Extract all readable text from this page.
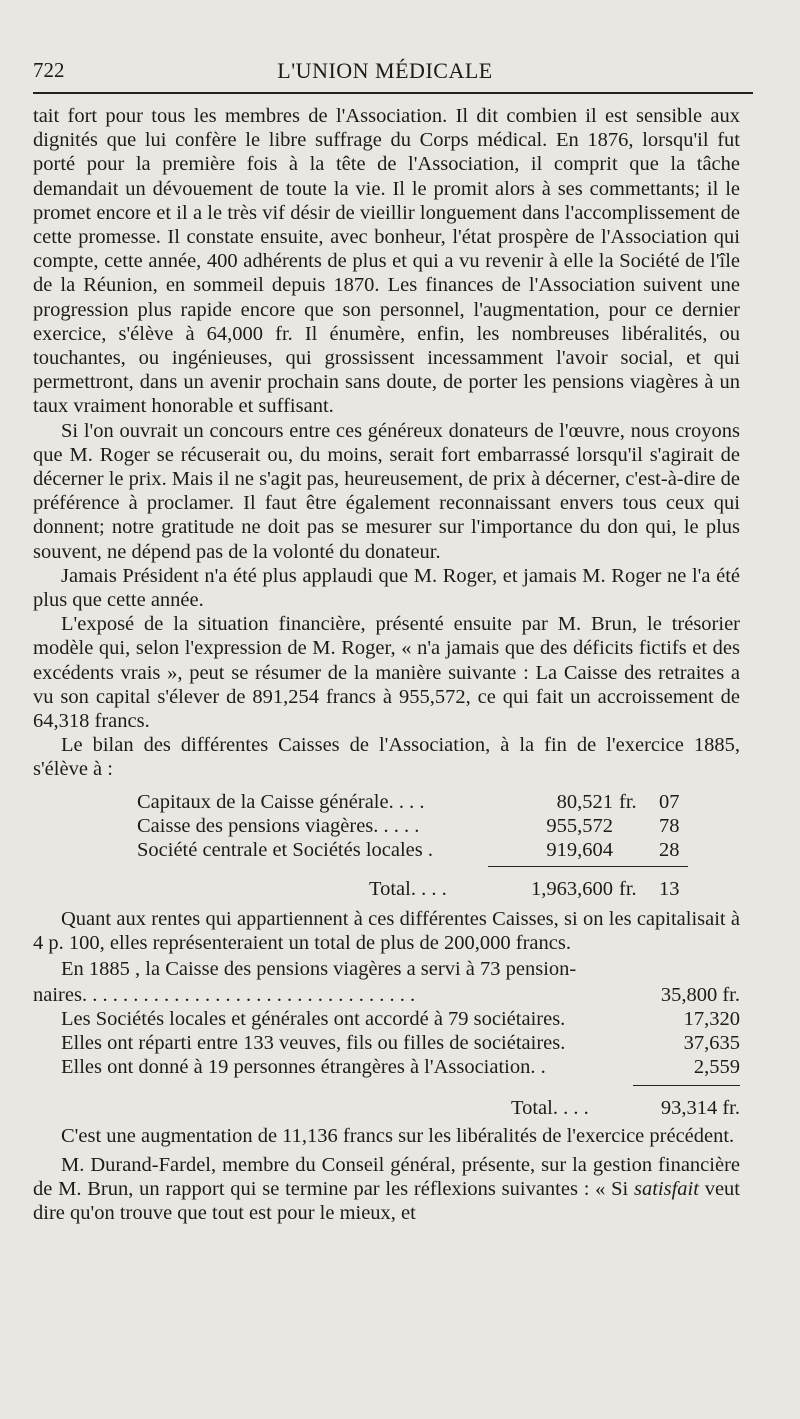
722	L'UNION MÉDICALE

tait fort pour tous les membres de l'Association. Il dit combien il est sensible aux dignités que lui confère le libre suffrage du Corps médical. En 1876, lorsqu'il fut porté pour la première fois à la tête de l'Association, il comprit que la tâche demandait un dévouement de toute la vie. Il le promit alors à ses commettants; il le promet encore et il a le très vif désir de vieillir longuement dans l'accomplissement de cette promesse. Il constate ensuite, avec bonheur, l'état prospère de l'Association qui compte, cette année, 400 adhérents de plus et qui a vu revenir à elle la Société de l'île de la Réunion, en sommeil depuis 1870. Les finances de l'Association suivent une progression plus rapide encore que son personnel, l'augmentation, pour ce dernier exercice, s'élève à 64,000 fr. Il énumère, enfin, les nombreuses libéralités, ou touchantes, ou ingénieuses, qui grossissent incessamment l'avoir social, et qui permettront, dans un avenir prochain sans doute, de porter les pensions viagères à un taux vraiment honorable et suffisant.

Si l'on ouvrait un concours entre ces généreux donateurs de l'œuvre, nous croyons que M. Roger se récuserait ou, du moins, serait fort embarrassé lorsqu'il s'agirait de décerner le prix. Mais il ne s'agit pas, heureusement, de prix à décerner, c'est-à-dire de préférence à proclamer. Il faut être également reconnaissant envers tous ceux qui donnent; notre gratitude ne doit pas se mesurer sur l'importance du don qui, le plus souvent, ne dépend pas de la volonté du donateur.

Jamais Président n'a été plus applaudi que M. Roger, et jamais M. Roger ne l'a été plus que cette année.

L'exposé de la situation financière, présenté ensuite par M. Brun, le trésorier modèle qui, selon l'expression de M. Roger, « n'a jamais que des déficits fictifs et des excédents vrais », peut se résumer de la manière suivante : La Caisse des retraites a vu son capital s'élever de 891,254 francs à 955,572, ce qui fait un accroissement de 64,318 francs.

Le bilan des différentes Caisses de l'Association, à la fin de l'exercice 1885, s'élève à :

Capitaux de la Caisse générale. . . .	80,521 fr.	07
Caisse des pensions viagères. . . . .	955,572 78
Société centrale et Sociétés locales .	919,604 28
Total. . . .	1,963,600 fr.	13

Quant aux rentes qui appartiennent à ces différentes Caisses, si on les capitalisait à 4 p. 100, elles représenteraient un total de plus de 200,000 francs.

En 1885 , la Caisse des pensions viagères a servi à 73 pension-

naires. . . . . . . . . . . . . . . . . . . . . . . . . . . . . . . . .	35,800 fr.
Les Sociétés locales et générales ont accordé à 79 sociétaires.	17,320
Elles ont réparti entre 133 veuves, fils ou filles de sociétaires.	37,635
Elles ont donné à 19 personnes étrangères à l'Association. .	2,559
Total. . . .	93,314 fr.

C'est une augmentation de 11,136 francs sur les libéralités de l'exercice précédent.

M. Durand-Fardel, membre du Conseil général, présente, sur la gestion financière de M. Brun, un rapport qui se termine par les réflexions suivantes : « Si satisfait veut dire qu'on trouve que tout est pour le mieux, et
